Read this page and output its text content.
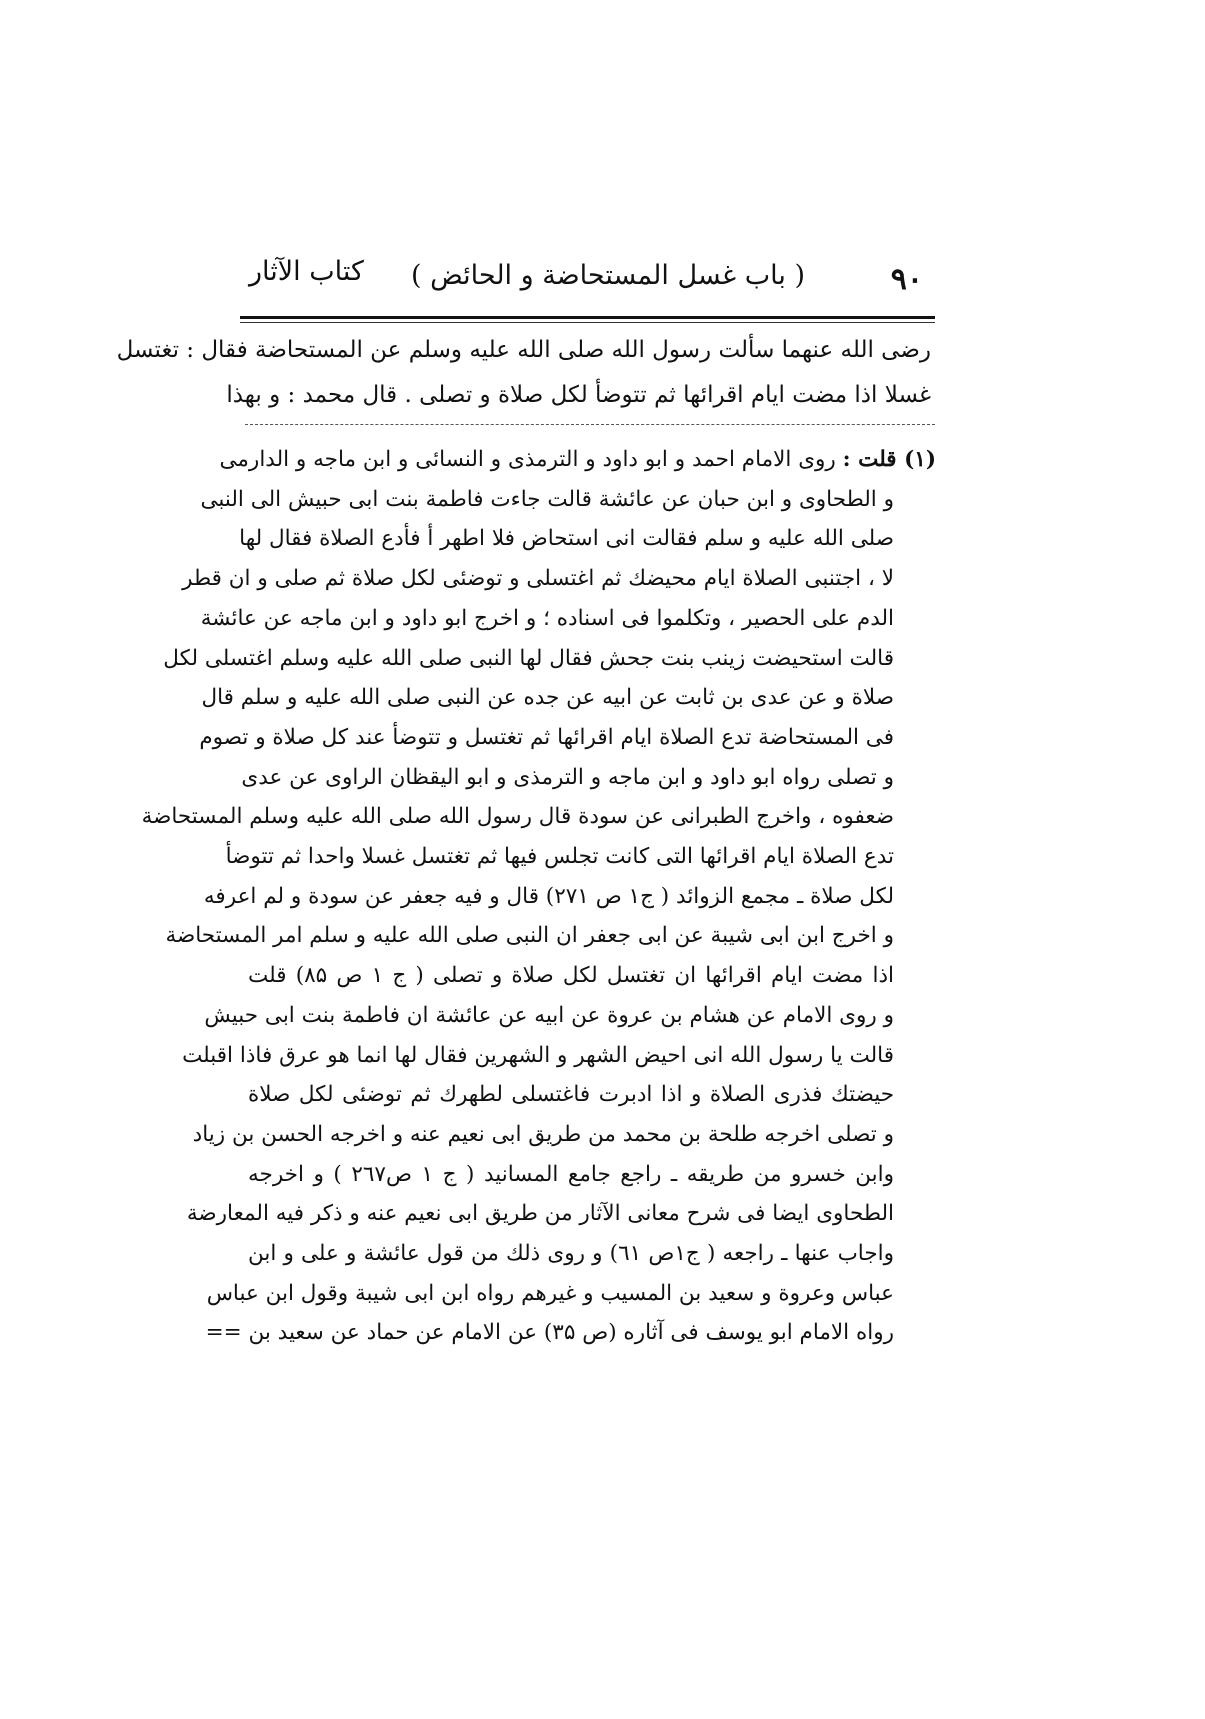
۹۰
( باب غسل المستحاضة و الحائض )
کتاب الآثار
رضی الله عنهما سألت رسول الله صلی الله علیه وسلم عن المستحاضة فقال : تغتسل
غسلا اذا مضت ایام اقرائها ثم تتوضأ لکل صلاة و تصلی . قال محمد : و بهذا
(۱) قلت : روی الامام احمد و ابو داود و الترمذی و النسائی و ابن ماجه و الدارمی
و الطحاوی و ابن حبان عن عائشة قالت جاءت فاطمة بنت ابی حبیش الی النبی
صلی الله علیه و سلم فقالت انی استحاض فلا اطهر أ فأدع الصلاة فقال لها
لا ، اجتنبی الصلاة ایام محیضك ثم اغتسلی و توضئی لکل صلاة ثم صلی و ان قطر
الدم علی الحصیر ، وتکلموا فی اسناده ؛ و اخرج ابو داود و ابن ماجه عن عائشة
قالت استحیضت زینب بنت جحش فقال لها النبی صلی الله علیه وسلم اغتسلی لکل
صلاة و عن عدی بن ثابت عن ابیه عن جده عن النبی صلی الله علیه و سلم قال
فی المستحاضة تدع الصلاة ایام اقرائها ثم تغتسل و تتوضأ عند کل صلاة و تصوم
و تصلی رواه ابو داود و ابن ماجه و الترمذی و ابو الیقظان الراوی عن عدی
ضعفوه ، واخرج الطبرانی عن سودة قال رسول الله صلی الله علیه وسلم المستحاضة
تدع الصلاة ایام اقرائها التی کانت تجلس فیها ثم تغتسل غسلا واحدا ثم تتوضأ
لکل صلاة ـ مجمع الزوائد ( ج۱ ص ۲۷۱) قال و فیه جعفر عن سودة و لم اعرفه
و اخرج ابن ابی شیبة عن ابی جعفر ان النبی صلی الله علیه و سلم امر المستحاضة
اذا مضت ایام اقرائها ان تغتسل لکل صلاة و تصلی ( ج ۱ ص ۸۵) قلت
و روی الامام عن هشام بن عروة عن ابیه عن عائشة ان فاطمة بنت ابی حبیش
قالت یا رسول الله انی احیض الشهر و الشهرین فقال لها انما هو عرق فاذا اقبلت
حیضتك فذری الصلاة و اذا ادبرت فاغتسلی لطهرك ثم توضئی لکل صلاة
و تصلی اخرجه طلحة بن محمد من طریق ابی نعیم عنه و اخرجه الحسن بن زیاد
وابن خسرو من طریقه ـ راجع جامع المسانید ( ج ۱ ص۲٦۷ ) و اخرجه
الطحاوی ایضا فی شرح معانی الآثار من طریق ابی نعیم عنه و ذکر فیه المعارضة
واجاب عنها ـ راجعه ( ج۱ص ٦۱) و روی ذلك من قول عائشة و علی و ابن
عباس وعروة و سعید بن المسیب و غیرهم رواه ابن ابی شیبة وقول ابن عباس
رواه الامام ابو یوسف فی آثاره (ص ۳۵) عن الامام عن حماد عن سعید بن ==
